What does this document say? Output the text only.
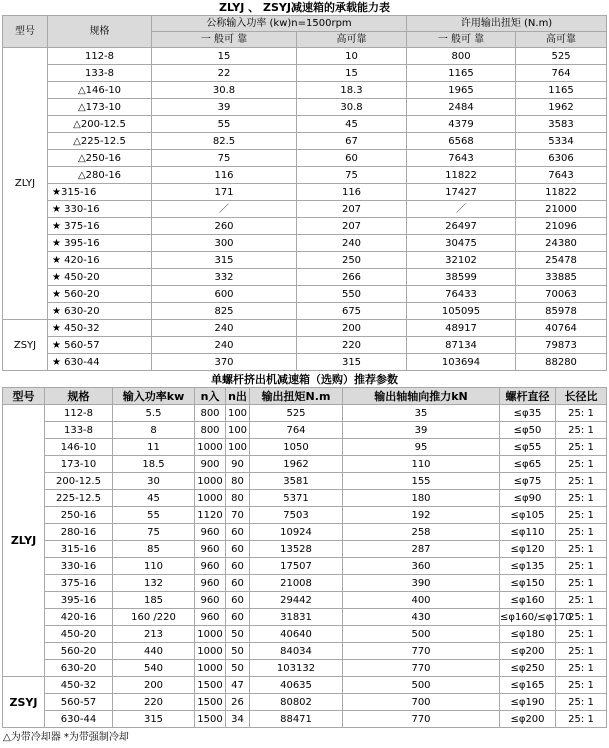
ZLYJ 、 ZSYJ减速箱的承载能力表
型号	规格	公称输入功率 (kw)n=1500rpm		许用输出扭矩 (N.m)	
		一 般可 靠	高可靠	一 般可 靠	高可靠
ZLYJ	112-8	15	10	800	525
	133-8	22	15	1165	764
	△146-10	30.8	18.3	1965	1165
	△173-10	39	30.8	2484	1962
	△200-12.5	55	45	4379	3583
	△225-12.5	82.5	67	6568	5334
	△250-16	75	60	7643	6306
	△280-16	116	75	11822	7643
	★315-16	171	116	17427	11822
	★ 330-16	／	207	／	21000
	★ 375-16	260	207	26497	21096
	★ 395-16	300	240	30475	24380
	★ 420-16	315	250	32102	25478
	★ 450-20	332	266	38599	33885
	★ 560-20	600	550	76433	70063
	★ 630-20	825	675	105095	85978
ZSYJ	★ 450-32	240	200	48917	40764
	★ 560-57	240	220	87134	79873
	★ 630-44	370	315	103694	88280
单螺杆挤出机减速箱（选购）推荐参数
型号	规格	输入功率kw	n入	n出	输出扭矩N.m	输出轴轴向推力kN	螺杆直径	长径比
ZLYJ	112-8	5.5	800	100	525	35	≤φ35	25: 1
	133-8	8	800	100	764	39	≤φ50	25: 1
	146-10	11	1000	100	1050	95	≤φ55	25: 1
	173-10	18.5	900	90	1962	110	≤φ65	25: 1
	200-12.5	30	1000	80	3581	155	≤φ75	25: 1
	225-12.5	45	1000	80	5371	180	≤φ90	25: 1
	250-16	55	1120	70	7503	192	≤φ105	25: 1
	280-16	75	960	60	10924	258	≤φ110	25: 1
	315-16	85	960	60	13528	287	≤φ120	25: 1
	330-16	110	960	60	17507	360	≤φ135	25: 1
	375-16	132	960	60	21008	390	≤φ150	25: 1
	395-16	185	960	60	29442	400	≤φ160	25: 1
	420-16	160 /220	960	60	31831	430	≤φ160/≤φ170	25: 1
	450-20	213	1000	50	40640	500	≤φ180	25: 1
	560-20	440	1000	50	84034	770	≤φ200	25: 1
	630-20	540	1000	50	103132	770	≤φ250	25: 1
ZSYJ	450-32	200	1500	47	40635	500	≤φ165	25: 1
	560-57	220	1500	26	80802	700	≤φ190	25: 1
	630-44	315	1500	34	88471	770	≤φ200	25: 1
△为带冷却器 *为带强制冷却
